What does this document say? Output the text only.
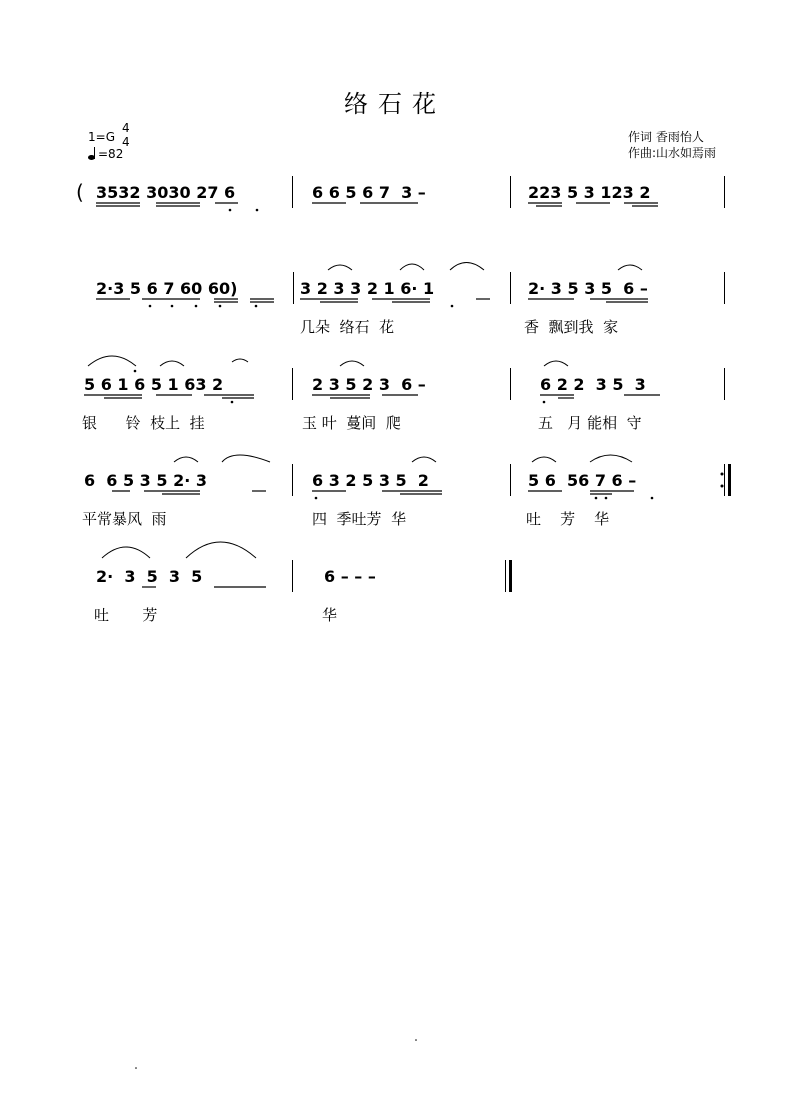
络石花
1=G
4
4
=82
作词 香雨怡人
作曲:山水如焉雨
( 3532 3030 27 6	6 6 5 6 7  3 –	223 5 3 123 2
2·3 5 6 7 60 60)	3 2 3 3 2 1 6· 1	2· 3 5 3 5  6 –
几朵  络石  花	香  飘到我  家
5 6 1 6 5 1 63 2	2 3 5 2 3  6 –	6 2 2  3 5  3
银      铃  枝上  挂	玉 叶  蔓间  爬	五   月 能相  守
6  6 5 3 5 2· 3	6 3 2 5 3 5  2	5 6  56 7 6 –
平常暴风  雨	四  季吐芳  华	吐    芳    华
2·  3  5  3  5	6 – – –
吐       芳	华
